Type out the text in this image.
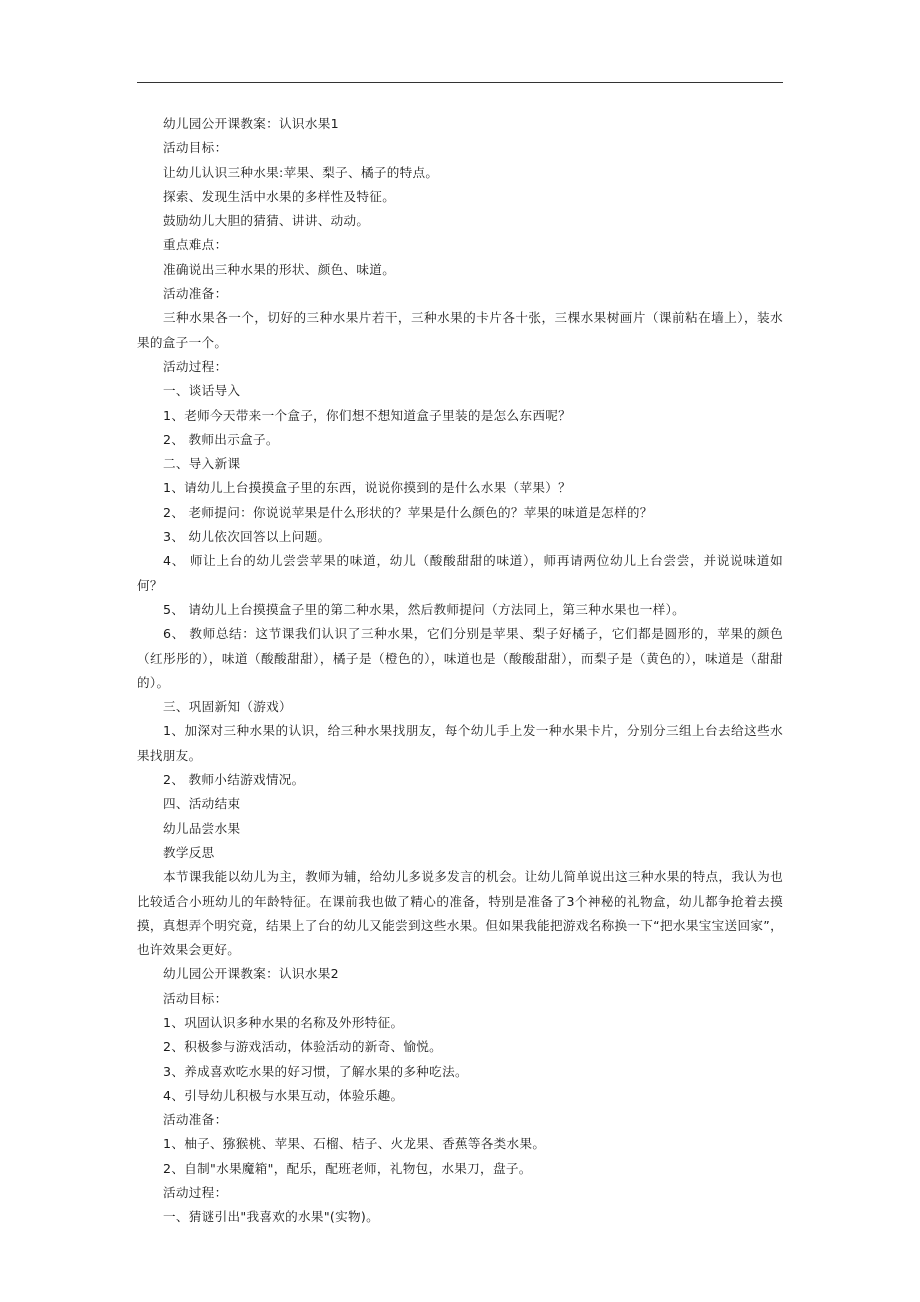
幼儿园公开课教案：认识水果1

活动目标：

让幼儿认识三种水果:苹果、梨子、橘子的特点。

探索、发现生活中水果的多样性及特征。

鼓励幼儿大胆的猜猜、讲讲、动动。

重点难点：

准确说出三种水果的形状、颜色、味道。

活动准备：

三种水果各一个，切好的三种水果片若干，三种水果的卡片各十张，三棵水果树画片（课前粘在墙上），装水果的盒子一个。

活动过程：

一、谈话导入

1、老师今天带来一个盒子，你们想不想知道盒子里装的是怎么东西呢？

2、 教师出示盒子。

二、导入新课

1、请幼儿上台摸摸盒子里的东西，说说你摸到的是什么水果（苹果）？

2、 老师提问：你说说苹果是什么形状的？苹果是什么颜色的？苹果的味道是怎样的？

3、 幼儿依次回答以上问题。

4、 师让上台的幼儿尝尝苹果的味道，幼儿（酸酸甜甜的味道），师再请两位幼儿上台尝尝，并说说味道如何？

5、 请幼儿上台摸摸盒子里的第二种水果，然后教师提问（方法同上，第三种水果也一样）。

6、 教师总结：这节课我们认识了三种水果，它们分别是苹果、梨子好橘子，它们都是圆形的，苹果的颜色（红彤彤的），味道（酸酸甜甜），橘子是（橙色的），味道也是（酸酸甜甜），而梨子是（黄色的），味道是（甜甜的）。

三、巩固新知（游戏）

1、加深对三种水果的认识，给三种水果找朋友，每个幼儿手上发一种水果卡片，分别分三组上台去给这些水果找朋友。

2、 教师小结游戏情况。

四、活动结束

幼儿品尝水果

教学反思

本节课我能以幼儿为主，教师为辅，给幼儿多说多发言的机会。让幼儿简单说出这三种水果的特点，我认为也比较适合小班幼儿的年龄特征。在课前我也做了精心的准备，特别是准备了3个神秘的礼物盒，幼儿都争抢着去摸摸，真想弄个明究竟，结果上了台的幼儿又能尝到这些水果。但如果我能把游戏名称换一下“把水果宝宝送回家”，也许效果会更好。

幼儿园公开课教案：认识水果2

活动目标：

1、巩固认识多种水果的名称及外形特征。

2、积极参与游戏活动，体验活动的新奇、愉悦。

3、养成喜欢吃水果的好习惯，了解水果的多种吃法。

4、引导幼儿积极与水果互动，体验乐趣。

活动准备：

1、柚子、猕猴桃、苹果、石榴、桔子、火龙果、香蕉等各类水果。

2、自制"水果魔箱"，配乐，配班老师，礼物包，水果刀，盘子。

活动过程：

一、猜谜引出"我喜欢的水果"(实物)。
